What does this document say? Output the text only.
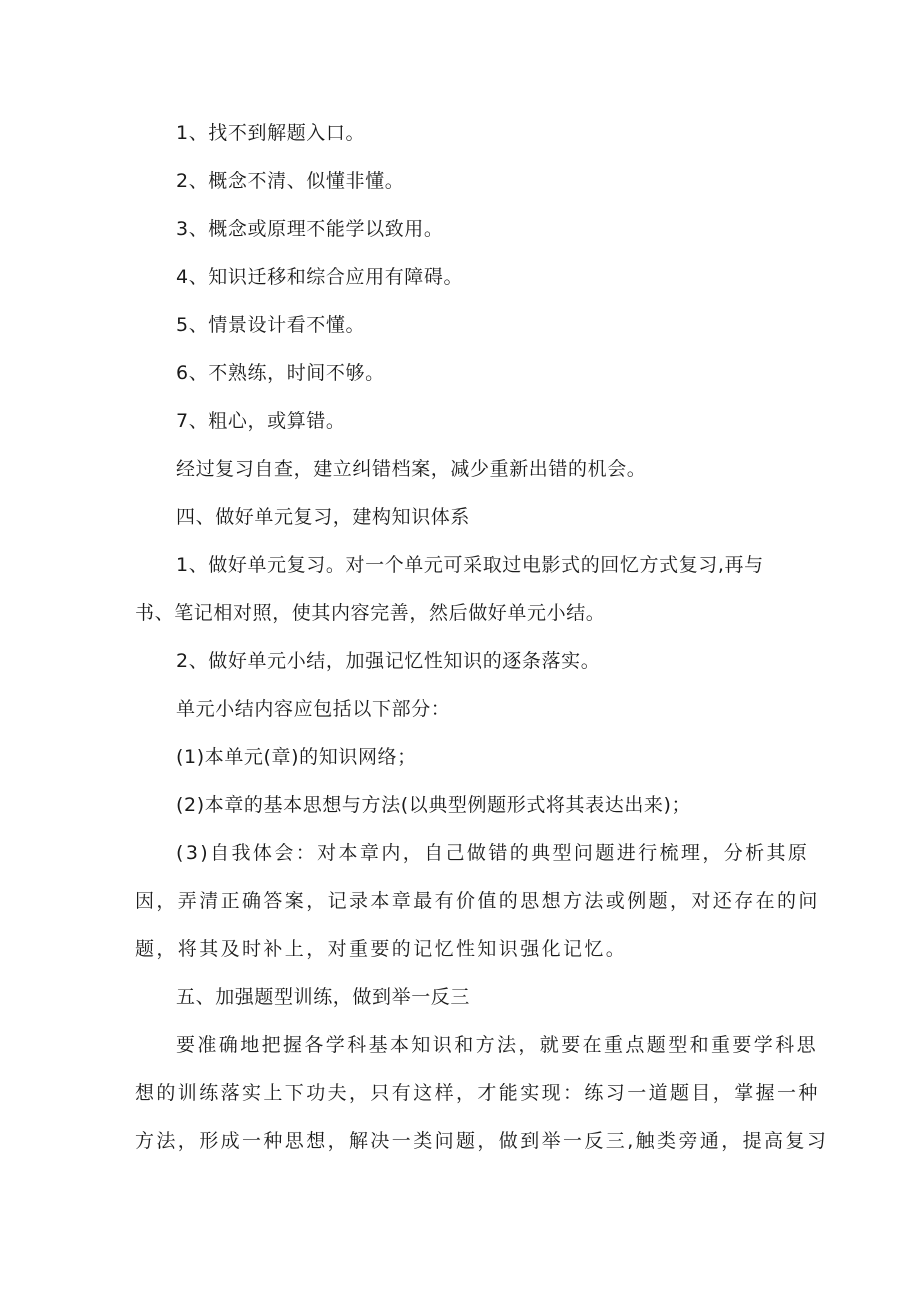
1、找不到解题入口。
2、概念不清、似懂非懂。
3、概念或原理不能学以致用。
4、知识迁移和综合应用有障碍。
5、情景设计看不懂。
6、不熟练，时间不够。
7、粗心，或算错。
经过复习自查，建立纠错档案，减少重新出错的机会。
四、做好单元复习，建构知识体系
1、做好单元复习。对一个单元可采取过电影式的回忆方式复习,再与
书、笔记相对照，使其内容完善，然后做好单元小结。
2、做好单元小结，加强记忆性知识的逐条落实。
单元小结内容应包括以下部分：
(1)本单元(章)的知识网络；
(2)本章的基本思想与方法(以典型例题形式将其表达出来)；
(3)自我体会：对本章内，自己做错的典型问题进行梳理，分析其原
因，弄清正确答案，记录本章最有价值的思想方法或例题，对还存在的问
题，将其及时补上，对重要的记忆性知识强化记忆。
五、加强题型训练，做到举一反三
要准确地把握各学科基本知识和方法，就要在重点题型和重要学科思
想的训练落实上下功夫，只有这样，才能实现：练习一道题目，掌握一种
方法，形成一种思想，解决一类问题，做到举一反三,触类旁通，提高复习
